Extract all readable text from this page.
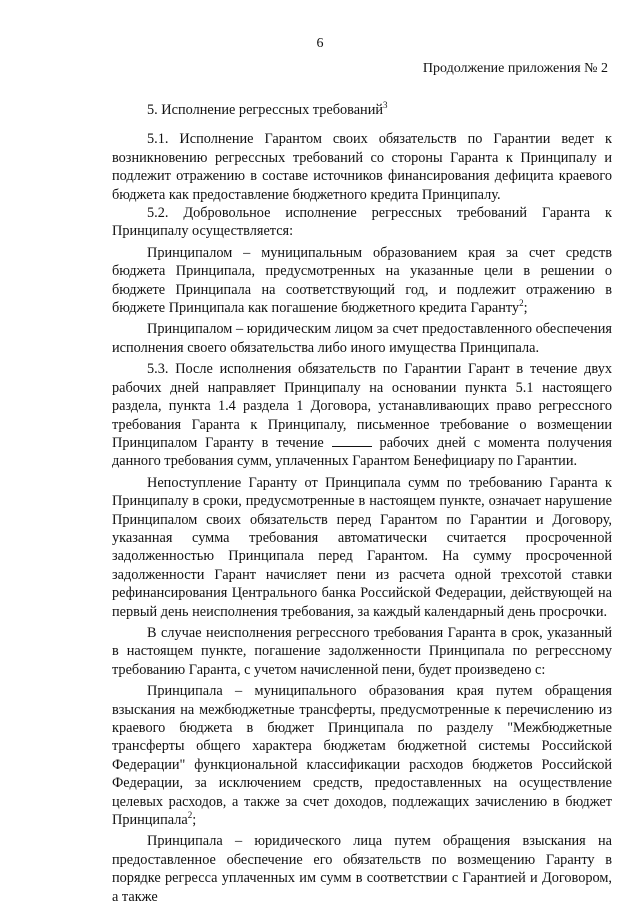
6
Продолжение приложения № 2

5. Исполнение регрессных требований$^3$

5.1. Исполнение Гарантом своих обязательств по Гарантии ведет к возникновению регрессных требований со стороны Гаранта к Принципалу и подлежит отражению в составе источников финансирования дефицита краевого бюджета как предоставление бюджетного кредита Принципалу.

5.2. Добровольное исполнение регрессных требований Гаранта к Принципалу осуществляется:

Принципалом – муниципальным образованием края за счет средств бюджета Принципала, предусмотренных на указанные цели в решении о бюджете Принципала на соответствующий год, и подлежит отражению в бюджете Принципала как погашение бюджетного кредита Гаранту$^2$;

Принципалом – юридическим лицом за счет предоставленного обеспечения исполнения своего обязательства либо иного имущества Принципала.

5.3. После исполнения обязательств по Гарантии Гарант в течение двух рабочих дней направляет Принципалу на основании пункта 5.1 настоящего раздела, пункта 1.4 раздела 1 Договора, устанавливающих право регрессного требования Гаранта к Принципалу, письменное требование о возмещении Принципалом Гаранту в течение	рабочих дней с момента получения данного требования сумм, уплаченных Гарантом Бенефициару по Гарантии.

Непоступление Гаранту от Принципала сумм по требованию Гаранта к Принципалу в сроки, предусмотренные в настоящем пункте, означает нарушение Принципалом своих обязательств перед Гарантом по Гарантии и Договору, указанная сумма требования автоматически считается просроченной задолженностью Принципала перед Гарантом. На сумму просроченной задолженности Гарант начисляет пени из расчета одной трехсотой ставки рефинансирования Центрального банка Российской Федерации, действующей на первый день неисполнения требования, за каждый календарный день просрочки.

В случае неисполнения регрессного требования Гаранта в срок, указанный в настоящем пункте, погашение задолженности Принципала по регрессному требованию Гаранта, с учетом начисленной пени, будет произведено с:

Принципала – муниципального образования края путем обращения взыскания на межбюджетные трансферты, предусмотренные к перечислению из краевого бюджета в бюджет Принципала по разделу "Межбюджетные трансферты общего характера бюджетам бюджетной системы Российской Федерации" функциональной классификации расходов бюджетов Российской Федерации, за исключением средств, предоставленных на осуществление целевых расходов, а также за счет доходов, подлежащих зачислению в бюджет Принципала$^2$;

Принципала – юридического лица путем обращения взыскания на предоставленное обеспечение его обязательств по возмещению Гаранту в порядке регресса уплаченных им сумм в соответствии с Гарантией и Договором, а также
